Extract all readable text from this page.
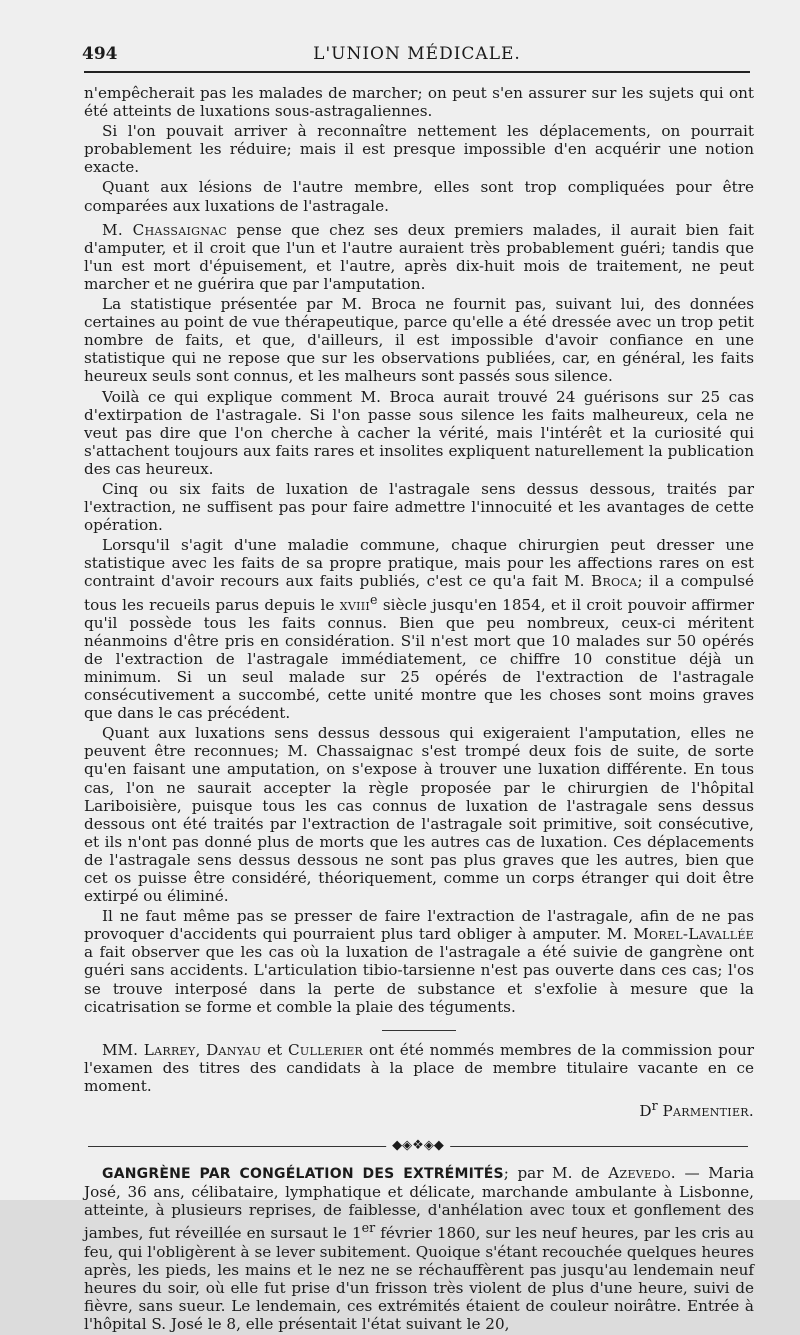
494	L'UNION MÉDICALE.

n'empêcherait pas les malades de marcher; on peut s'en assurer sur les sujets qui ont été atteints de luxations sous-astragaliennes.

Si l'on pouvait arriver à reconnaître nettement les déplacements, on pourrait probablement les réduire; mais il est presque impossible d'en acquérir une notion exacte.

Quant aux lésions de l'autre membre, elles sont trop compliquées pour être comparées aux luxations de l'astragale.

M. Chassaignac pense que chez ses deux premiers malades, il aurait bien fait d'amputer, et il croit que l'un et l'autre auraient très probablement guéri; tandis que l'un est mort d'épuisement, et l'autre, après dix-huit mois de traitement, ne peut marcher et ne guérira que par l'amputation.

La statistique présentée par M. Broca ne fournit pas, suivant lui, des données certaines au point de vue thérapeutique, parce qu'elle a été dressée avec un trop petit nombre de faits, et que, d'ailleurs, il est impossible d'avoir confiance en une statistique qui ne repose que sur les observations publiées, car, en général, les faits heureux seuls sont connus, et les malheurs sont passés sous silence.

Voilà ce qui explique comment M. Broca aurait trouvé 24 guérisons sur 25 cas d'extirpation de l'astragale. Si l'on passe sous silence les faits malheureux, cela ne veut pas dire que l'on cherche à cacher la vérité, mais l'intérêt et la curiosité qui s'attachent toujours aux faits rares et insolites expliquent naturellement la publication des cas heureux.

Cinq ou six faits de luxation de l'astragale sens dessus dessous, traités par l'extraction, ne suffisent pas pour faire admettre l'innocuité et les avantages de cette opération.

Lorsqu'il s'agit d'une maladie commune, chaque chirurgien peut dresser une statistique avec les faits de sa propre pratique, mais pour les affections rares on est contraint d'avoir recours aux faits publiés, c'est ce qu'a fait M. Broca; il a compulsé tous les recueils parus depuis le xviii$^e$ siècle jusqu'en 1854, et il croit pouvoir affirmer qu'il possède tous les faits connus. Bien que peu nombreux, ceux-ci méritent néanmoins d'être pris en considération. S'il n'est mort que 10 malades sur 50 opérés de l'extraction de l'astragale immédiatement, ce chiffre 10 constitue déjà un minimum. Si un seul malade sur 25 opérés de l'extraction de l'astragale consécutivement a succombé, cette unité montre que les choses sont moins graves que dans le cas précédent.

Quant aux luxations sens dessus dessous qui exigeraient l'amputation, elles ne peuvent être reconnues; M. Chassaignac s'est trompé deux fois de suite, de sorte qu'en faisant une amputation, on s'expose à trouver une luxation différente. En tous cas, l'on ne saurait accepter la règle proposée par le chirurgien de l'hôpital Lariboisière, puisque tous les cas connus de luxation de l'astragale sens dessus dessous ont été traités par l'extraction de l'astragale soit primitive, soit consécutive, et ils n'ont pas donné plus de morts que les autres cas de luxation. Ces déplacements de l'astragale sens dessus dessous ne sont pas plus graves que les autres, bien que cet os puisse être considéré, théoriquement, comme un corps étranger qui doit être extirpé ou éliminé.

Il ne faut même pas se presser de faire l'extraction de l'astragale, afin de ne pas provoquer d'accidents qui pourraient plus tard obliger à amputer. M. Morel-Lavallée a fait observer que les cas où la luxation de l'astragale a été suivie de gangrène ont guéri sans accidents. L'articulation tibio-tarsienne n'est pas ouverte dans ces cas; l'os se trouve interposé dans la perte de substance et s'exfolie à mesure que la cicatrisation se forme et comble la plaie des téguments.

MM. Larrey, Danyau et Cullerier ont été nommés membres de la commission pour l'examen des titres des candidats à la place de membre titulaire vacante en ce moment.

$D^r$ Parmentier.
◆◈❖◈◆

GANGRÈNE PAR CONGÉLATION DES EXTRÉMITÉS; par M. de Azevedo. — Maria José, 36 ans, célibataire, lymphatique et délicate, marchande ambulante à Lisbonne, atteinte, à plusieurs reprises, de faiblesse, d'anhélation avec toux et gonflement des jambes, fut réveillée en sursaut le 1er février 1860, sur les neuf heures, par les cris au feu, qui l'obligèrent à se lever subitement. Quoique s'étant recouchée quelques heures après, les pieds, les mains et le nez ne se réchauffèrent pas jusqu'au lendemain neuf heures du soir, où elle fut prise d'un frisson très violent de plus d'une heure, suivi de fièvre, sans sueur. Le lendemain, ces extrémités étaient de couleur noirâtre. Entrée à l'hôpital S. José le 8, elle présentait l'état suivant le 20,
